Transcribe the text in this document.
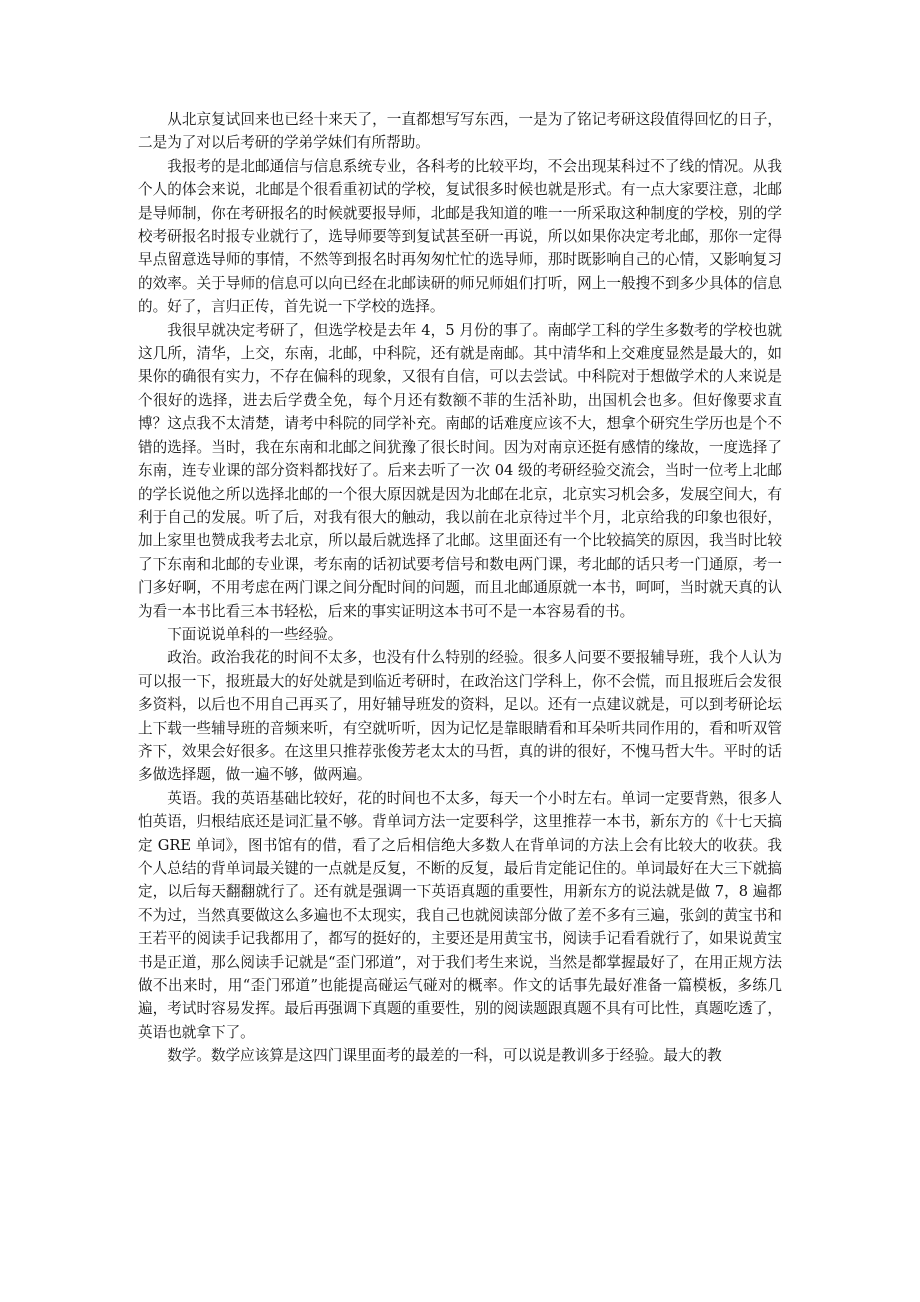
从北京复试回来也已经十来天了，一直都想写写东西，一是为了铭记考研这段值得回忆的日子，二是为了对以后考研的学弟学妹们有所帮助。

我报考的是北邮通信与信息系统专业，各科考的比较平均，不会出现某科过不了线的情况。从我个人的体会来说，北邮是个很看重初试的学校，复试很多时候也就是形式。有一点大家要注意，北邮是导师制，你在考研报名的时候就要报导师，北邮是我知道的唯一一所采取这种制度的学校，别的学校考研报名时报专业就行了，选导师要等到复试甚至研一再说，所以如果你决定考北邮，那你一定得早点留意选导师的事情，不然等到报名时再匆匆忙忙的选导师，那时既影响自己的心情，又影响复习的效率。关于导师的信息可以向已经在北邮读研的师兄师姐们打听，网上一般搜不到多少具体的信息的。好了，言归正传，首先说一下学校的选择。

我很早就决定考研了，但选学校是去年 4，5 月份的事了。南邮学工科的学生多数考的学校也就这几所，清华，上交，东南，北邮，中科院，还有就是南邮。其中清华和上交难度显然是最大的，如果你的确很有实力，不存在偏科的现象，又很有自信，可以去尝试。中科院对于想做学术的人来说是个很好的选择，进去后学费全免，每个月还有数额不菲的生活补助，出国机会也多。但好像要求直博？这点我不太清楚，请考中科院的同学补充。南邮的话难度应该不大，想拿个研究生学历也是个不错的选择。当时，我在东南和北邮之间犹豫了很长时间。因为对南京还挺有感情的缘故，一度选择了东南，连专业课的部分资料都找好了。后来去听了一次 04 级的考研经验交流会，当时一位考上北邮的学长说他之所以选择北邮的一个很大原因就是因为北邮在北京，北京实习机会多，发展空间大，有利于自己的发展。听了后，对我有很大的触动，我以前在北京待过半个月，北京给我的印象也很好，加上家里也赞成我考去北京，所以最后就选择了北邮。这里面还有一个比较搞笑的原因，我当时比较了下东南和北邮的专业课，考东南的话初试要考信号和数电两门课，考北邮的话只考一门通原，考一门多好啊，不用考虑在两门课之间分配时间的问题，而且北邮通原就一本书，呵呵，当时就天真的认为看一本书比看三本书轻松，后来的事实证明这本书可不是一本容易看的书。

下面说说单科的一些经验。

政治。政治我花的时间不太多，也没有什么特别的经验。很多人问要不要报辅导班，我个人认为可以报一下，报班最大的好处就是到临近考研时，在政治这门学科上，你不会慌，而且报班后会发很多资料，以后也不用自己再买了，用好辅导班发的资料，足以。还有一点建议就是，可以到考研论坛上下载一些辅导班的音频来听，有空就听听，因为记忆是靠眼睛看和耳朵听共同作用的，看和听双管齐下，效果会好很多。在这里只推荐张俊芳老太太的马哲，真的讲的很好，不愧马哲大牛。平时的话多做选择题，做一遍不够，做两遍。

英语。我的英语基础比较好，花的时间也不太多，每天一个小时左右。单词一定要背熟，很多人怕英语，归根结底还是词汇量不够。背单词方法一定要科学，这里推荐一本书，新东方的《十七天搞定 GRE 单词》，图书馆有的借，看了之后相信绝大多数人在背单词的方法上会有比较大的收获。我个人总结的背单词最关键的一点就是反复，不断的反复，最后肯定能记住的。单词最好在大三下就搞定，以后每天翻翻就行了。还有就是强调一下英语真题的重要性，用新东方的说法就是做 7，8 遍都不为过，当然真要做这么多遍也不太现实，我自己也就阅读部分做了差不多有三遍，张剑的黄宝书和王若平的阅读手记我都用了，都写的挺好的，主要还是用黄宝书，阅读手记看看就行了，如果说黄宝书是正道，那么阅读手记就是“歪门邪道”，对于我们考生来说，当然是都掌握最好了，在用正规方法做不出来时，用“歪门邪道”也能提高碰运气碰对的概率。作文的话事先最好准备一篇模板，多练几遍，考试时容易发挥。最后再强调下真题的重要性，别的阅读题跟真题不具有可比性，真题吃透了，英语也就拿下了。

数学。数学应该算是这四门课里面考的最差的一科，可以说是教训多于经验。最大的教
